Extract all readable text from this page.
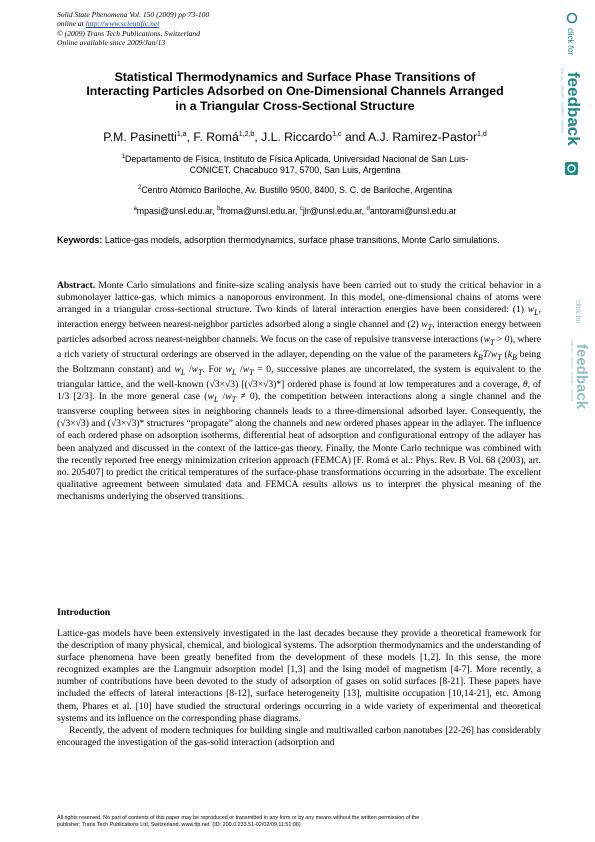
Solid State Phenomena Vol. 150 (2009) pp 73-100
online at http://www.scientific.net
© (2009) Trans Tech Publications, Switzerland
Online available since 2009/Jan/13	click for
CONTACT · REPORT · CORRECT · REVIEW feedback
click for
CONTACT · REPORT · CORRECT · REVIEW feedback
Statistical Thermodynamics and Surface Phase Transitions of
Interacting Particles Adsorbed on One-Dimensional Channels Arranged
in a Triangular Cross-Sectional Structure
P.M. Pasinetti$^{1,a}$, F. Romá$^{1,2,b}$, J.L. Riccardo$^{1,c}$ and A.J. Ramirez-Pastor$^{1,d}$
$^1$Departamento de Física, Instituto de Física Aplicada, Universidad Nacional de San Luis-
CONICET, Chacabuco 917, 5700, San Luis, Argentina
$^2$Centro Atómico Bariloche, Av. Bustillo 9500, 8400, S. C. de Bariloche, Argentina
$^a$mpasi@unsl.edu.ar, $^b$froma@unsl.edu.ar, $^c$jlr@unsl.edu.ar, $^d$antorami@unsl.edu.ar
Keywords: Lattice-gas models, adsorption thermodynamics, surface phase transitions, Monte Carlo simulations.
Abstract. Monte Carlo simulations and finite-size scaling analysis have been carried out to study the critical behavior in a submonolayer lattice-gas, which mimics a nanoporous environment. In this model, one-dimensional chains of atoms were arranged in a triangular cross-sectional structure. Two kinds of lateral interaction energies have been considered: (1) $w_L$, interaction energy between nearest-neighbor particles adsorbed along a single channel and (2) $w_T$, interaction energy between particles adsorbed across nearest-neighbor channels. We focus on the case of repulsive transverse interactions $(w_T > 0)$, where a rich variety of structural orderings are observed in the adlayer, depending on the value of the parameters $k_BT/w_T$ ($k_B$ being the Boltzmann constant) and $w_L$ $/w_T$. For $w_L$ $/w_T = 0$, successive planes are uncorrelated, the system is equivalent to the triangular lattice, and the well-known (√3×√3) [(√3×√3)*] ordered phase is found at low temperatures and a coverage, θ, of 1/3 [2/3]. In the more general case ($w_L$ $/w_T \ne 0$), the competition between interactions along a single channel and the transverse coupling between sites in neighboring channels leads to a three-dimensional adsorbed layer. Consequently, the (√3×√3) and (√3×√3)* structures “propagate” along the channels and new ordered phases appear in the adlayer. The influence of each ordered phase on adsorption isotherms, differential heat of adsorption and configurational entropy of the adlayer has been analyzed and discussed in the context of the lattice-gas theory. Finally, the Monte Carlo technique was combined with the recently reported free energy minimization criterion approach (FEMCA) [F. Romá et al.: Phys. Rev. B Vol. 68 (2003), art. no. 205407] to predict the critical temperatures of the surface-phase transformations occurring in the adsorbate. The excellent qualitative agreement between simulated data and FEMCA results allows us to interpret the physical meaning of the mechanisms underlying the observed transitions.
Introduction

Lattice-gas models have been extensively investigated in the last decades because they provide a theoretical framework for the description of many physical, chemical, and biological systems. The adsorption thermodynamics and the understanding of surface phenomena have been greatly benefited from the development of these models [1,2]. In this sense, the more recognized examples are the Langmuir adsorption model [1,3] and the Ising model of magnetism [4-7]. More recently, a number of contributions have been devoted to the study of adsorption of gases on solid surfaces [8-21]. These papers have included the effects of lateral interactions [8-12], surface heterogeneity [13], multisite occupation [10,14-21], etc. Among them, Phares et al. [10] have studied the structural orderings occurring in a wide variety of experimental and theoretical systems and its influence on the corresponding phase diagrams.

Recently, the advent of modern techniques for building single and multiwalled carbon nanotubes [22-26] has considerably encouraged the investigation of the gas-solid interaction (adsorption and

All rights reserved. No part of contents of this paper may be reproduced or transmitted in any form or by any means without the written permission of the
publisher: Trans Tech Publications Ltd, Switzerland, www.ttp.net. (ID: 200.0.233.51-02/02/09,11:51:06)
